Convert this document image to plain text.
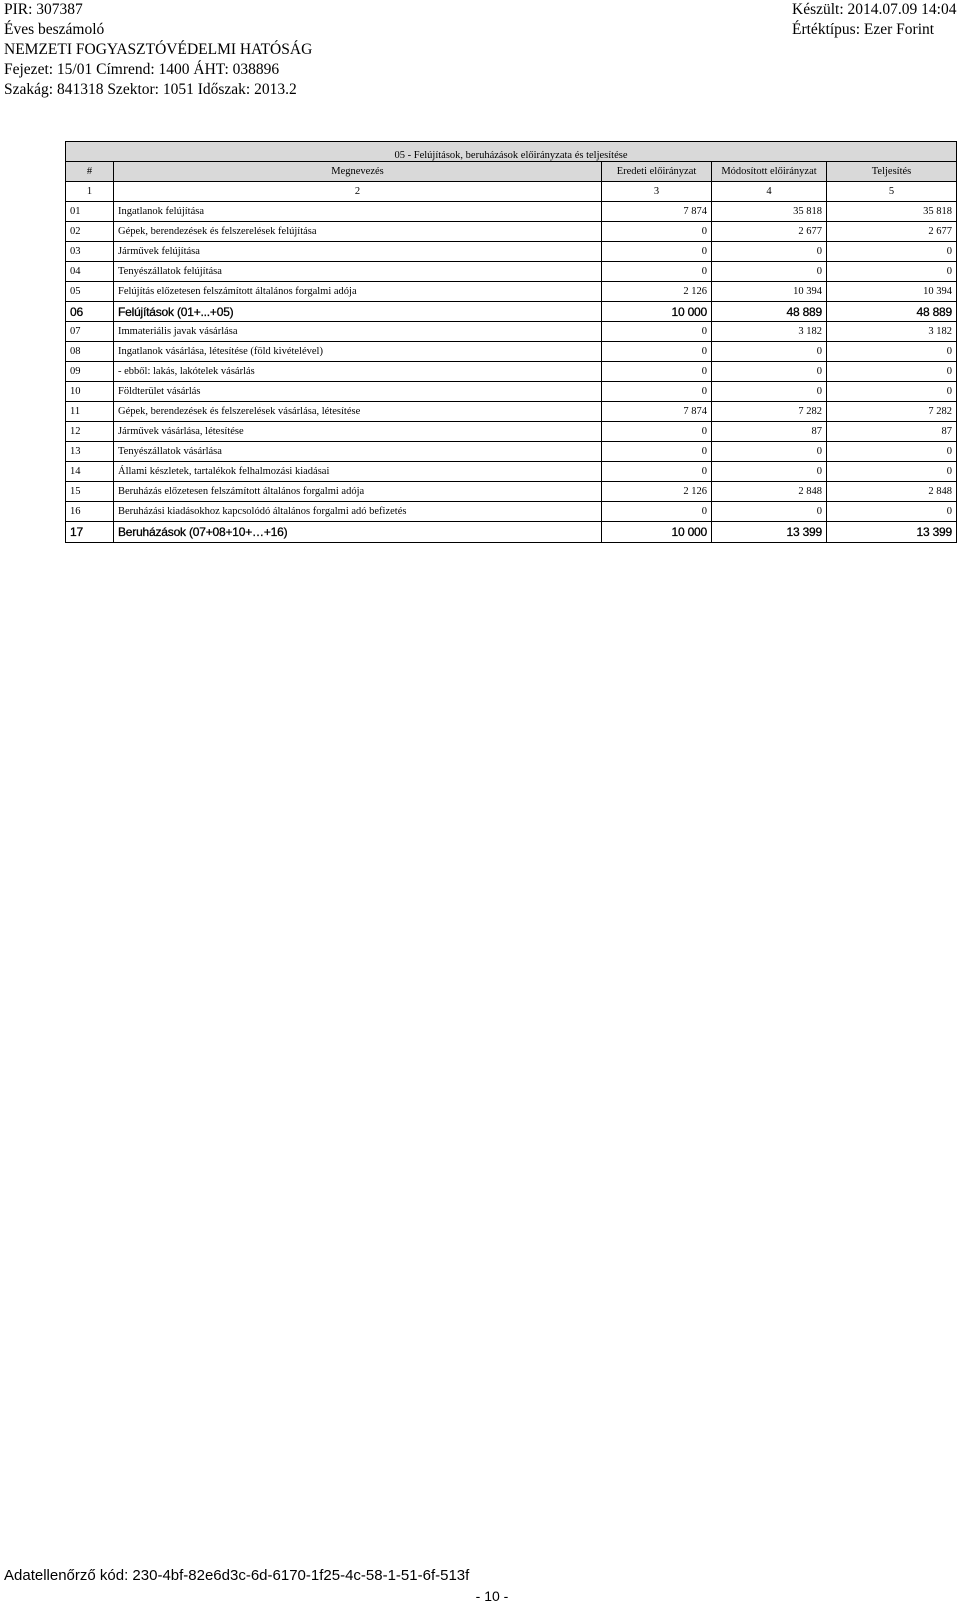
PIR: 307387
Éves beszámoló
NEMZETI FOGYASZTÓVÉDELMI HATÓSÁG
Fejezet: 15/01 Címrend: 1400 ÁHT: 038896
Szakág: 841318 Szektor: 1051 Időszak: 2013.2
Készült: 2014.07.09 14:04
Értéktípus: Ezer Forint
05 - Felújítások, beruházások előirányzata és teljesítése				
#	Megnevezés	Eredeti előirányzat	Módosított előirányzat	Teljesítés
1	2	3	4	5
01	Ingatlanok felújítása	7 874	35 818	35 818
02	Gépek, berendezések és felszerelések felújítása	0	2 677	2 677
03	Járművek felújítása	0	0	0
04	Tenyészállatok felújítása	0	0	0
05	Felújítás előzetesen felszámított általános forgalmi adója	2 126	10 394	10 394
06	Felújítások (01+...+05)	10 000	48 889	48 889
07	Immateriális javak vásárlása	0	3 182	3 182
08	Ingatlanok vásárlása, létesítése (föld kivételével)	0	0	0
09	- ebből: lakás, lakótelek vásárlás	0	0	0
10	Földterület vásárlás	0	0	0
11	Gépek, berendezések és felszerelések vásárlása, létesítése	7 874	7 282	7 282
12	Járművek vásárlása, létesítése	0	87	87
13	Tenyészállatok vásárlása	0	0	0
14	Állami készletek, tartalékok felhalmozási kiadásai	0	0	0
15	Beruházás előzetesen felszámított általános forgalmi adója	2 126	2 848	2 848
16	Beruházási kiadásokhoz kapcsolódó általános forgalmi adó befizetés	0	0	0
17	Beruházások (07+08+10+…+16)	10 000	13 399	13 399
Adatellenőrző kód: 230-4bf-82e6d3c-6d-6170-1f25-4c-58-1-51-6f-513f
- 10 -
